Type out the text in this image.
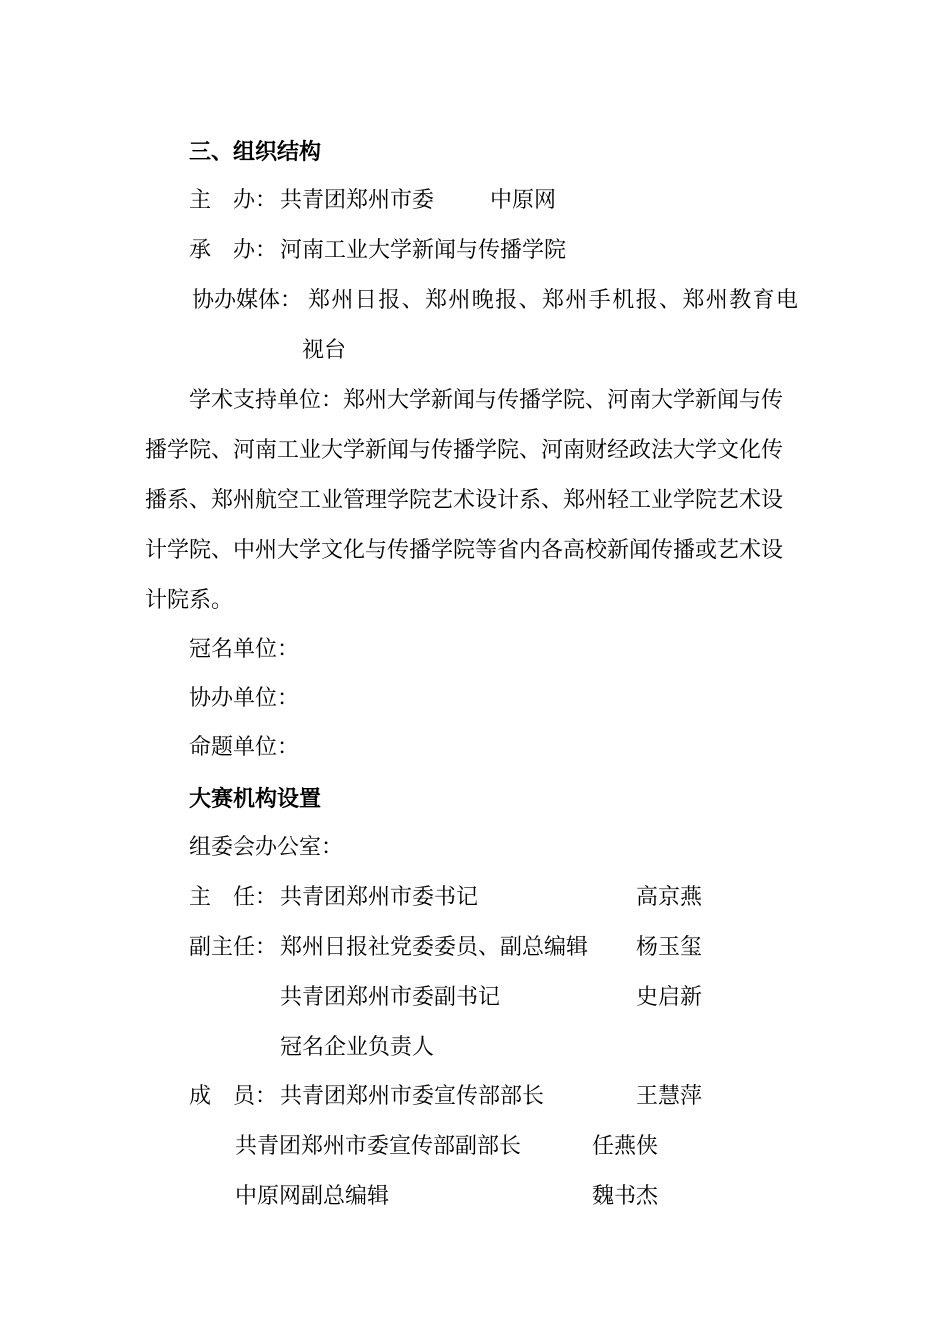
三、组织结构
主　办： 共青团郑州市委	中原网
承　办： 河南工业大学新闻与传播学院
协办媒体： 郑州日报、郑州晚报、郑州手机报、郑州教育电
视台
学术支持单位：郑州大学新闻与传播学院、河南大学新闻与传
播学院、河南工业大学新闻与传播学院、河南财经政法大学文化传
播系、郑州航空工业管理学院艺术设计系、郑州轻工业学院艺术设
计学院、中州大学文化与传播学院等省内各高校新闻传播或艺术设
计院系。
冠名单位：
协办单位：
命题单位：
大赛机构设置
组委会办公室：
主　任： 共青团郑州市委书记	高京燕
副主任： 郑州日报社党委委员、副总编辑 杨玉玺
共青团郑州市委副书记	史启新
冠名企业负责人
成　员： 共青团郑州市委宣传部部长	王慧萍
共青团郑州市委宣传部副部长	任燕侠
中原网副总编辑	魏书杰
